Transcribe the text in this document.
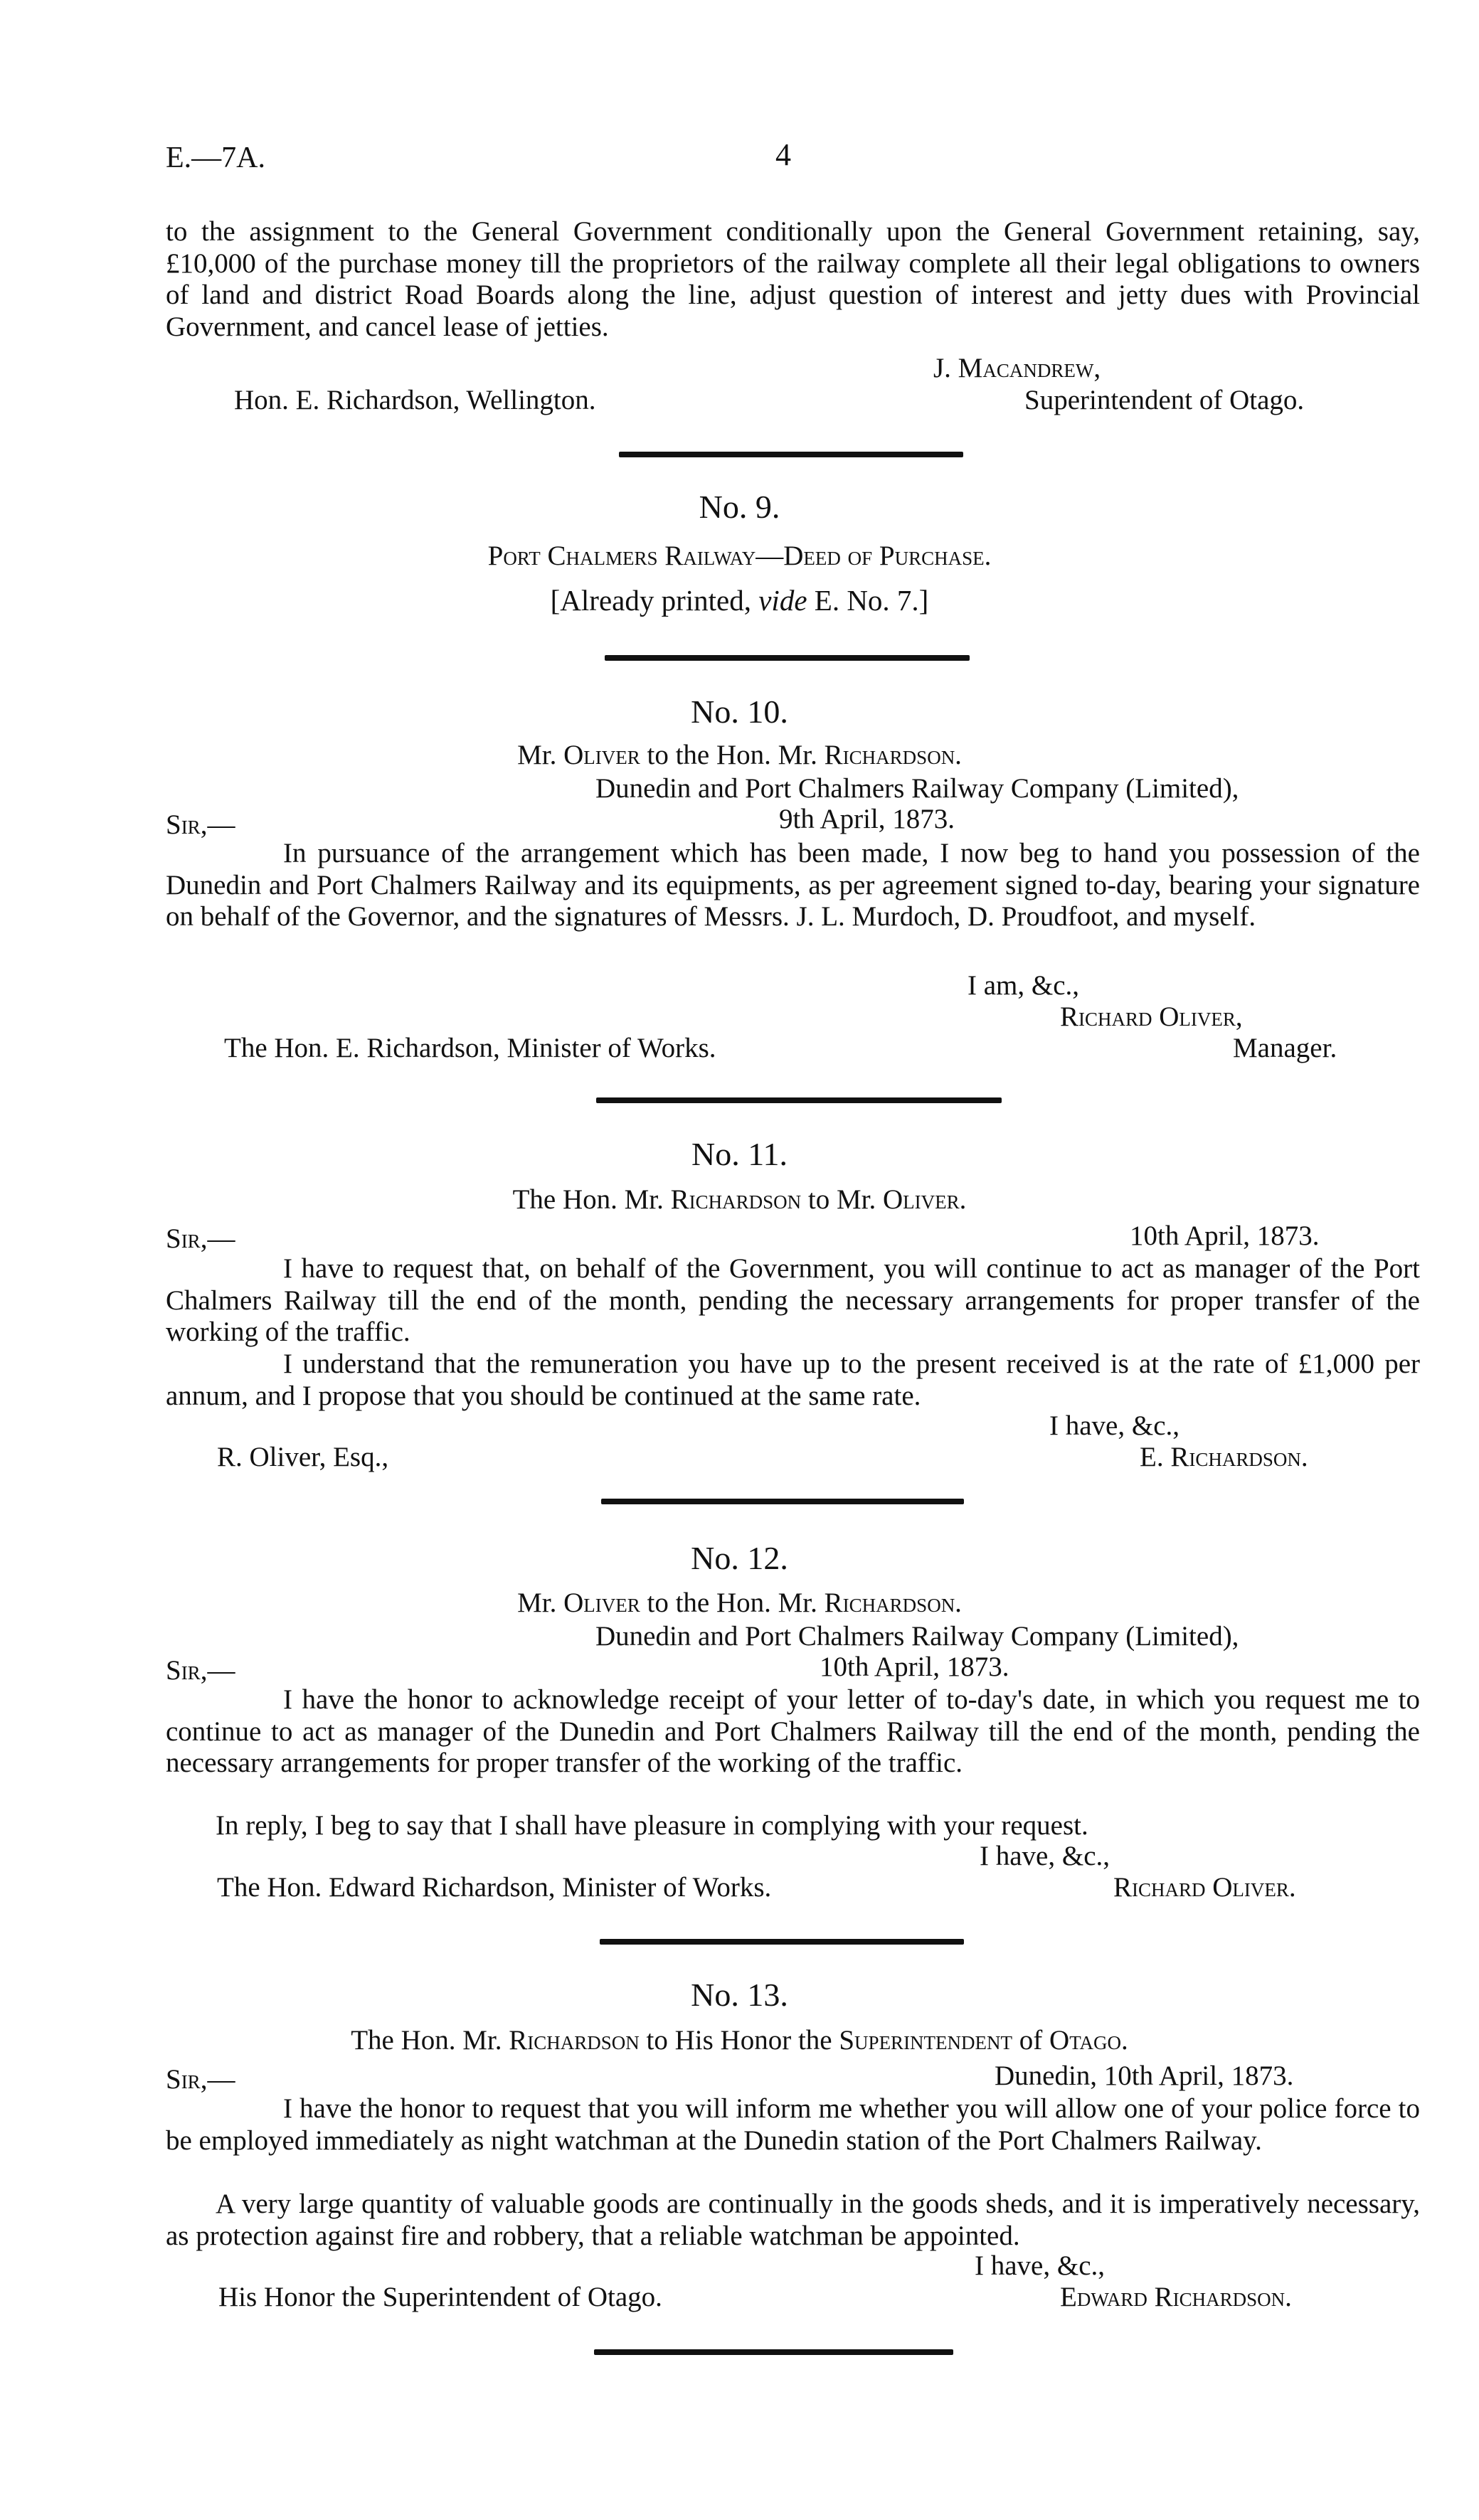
E.—7A.	4
to the assignment to the General Government conditionally upon the General Government retaining, say, £10,000 of the purchase money till the proprietors of the railway complete all their legal obligations to owners of land and district Road Boards along the line, adjust question of interest and jetty dues with Provincial Government, and cancel lease of jetties.
J. Macandrew,
Hon. E. Richardson, Wellington.	Superintendent of Otago.
No. 9.
Port Chalmers Railway—Deed of Purchase.
[Already printed, vide E. No. 7.]
No. 10.
Mr. Oliver to the Hon. Mr. Richardson.
Dunedin and Port Chalmers Railway Company (Limited),
9th April, 1873.
Sir,—
In pursuance of the arrangement which has been made, I now beg to hand you possession of the Dunedin and Port Chalmers Railway and its equipments, as per agreement signed to-day, bearing your signature on behalf of the Governor, and the signatures of Messrs. J. L. Murdoch, D. Proudfoot, and myself.
I am, &c.,
Richard Oliver,
The Hon. E. Richardson, Minister of Works.	Manager.
No. 11.
The Hon. Mr. Richardson to Mr. Oliver.
Sir,—	10th April, 1873.
I have to request that, on behalf of the Government, you will continue to act as manager of the Port Chalmers Railway till the end of the month, pending the necessary arrangements for proper transfer of the working of the traffic.
I understand that the remuneration you have up to the present received is at the rate of £1,000 per annum, and I propose that you should be continued at the same rate.
I have, &c.,
R. Oliver, Esq.,	E. Richardson.
No. 12.
Mr. Oliver to the Hon. Mr. Richardson.
Dunedin and Port Chalmers Railway Company (Limited),
10th April, 1873.
Sir,—
I have the honor to acknowledge receipt of your letter of to-day's date, in which you request me to continue to act as manager of the Dunedin and Port Chalmers Railway till the end of the month, pending the necessary arrangements for proper transfer of the working of the traffic.
In reply, I beg to say that I shall have pleasure in complying with your request.
I have, &c.,
The Hon. Edward Richardson, Minister of Works.	Richard Oliver.
No. 13.
The Hon. Mr. Richardson to His Honor the Superintendent of Otago.
Sir,—	Dunedin, 10th April, 1873.
I have the honor to request that you will inform me whether you will allow one of your police force to be employed immediately as night watchman at the Dunedin station of the Port Chalmers Railway.
A very large quantity of valuable goods are continually in the goods sheds, and it is imperatively necessary, as protection against fire and robbery, that a reliable watchman be appointed.
I have, &c.,
His Honor the Superintendent of Otago.	Edward Richardson.
